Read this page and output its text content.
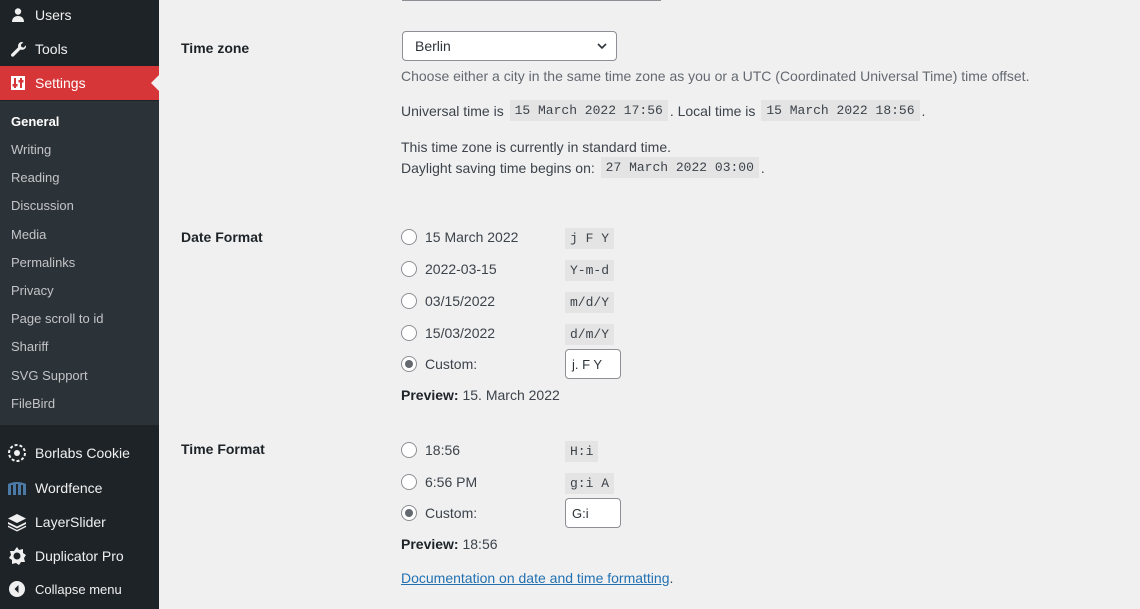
Users
Tools
Settings
General
Writing
Reading
Discussion
Media
Permalinks
Privacy
Page scroll to id
Shariff
SVG Support
FileBird
Borlabs Cookie
Wordfence
LayerSlider
Duplicator Pro
Collapse menu
Time zone	Berlin
Choose either a city in the same time zone as you or a UTC (Coordinated Universal Time) time offset.
Universal time is
15 March 2022 17:56 . Local time is
15 March 2022 18:56 .
This time zone is currently in standard time.
Daylight saving time begins on:
27 March 2022 03:00 .
Date Format	15 March 2022	j F Y
2022-03-15	Y-m-d
03/15/2022	m/d/Y
15/03/2022	d/m/Y
Custom:	j. F Y
Preview: 15. March 2022
Time Format	18:56	H:i
6:56 PM	g:i A
Custom:	G:i
Preview: 18:56
Documentation on date and time formatting.
